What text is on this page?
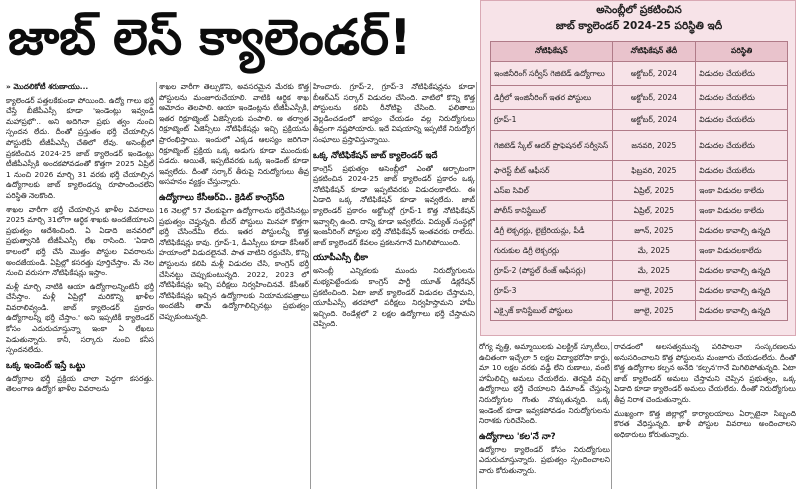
జాబ్ లెస్ క్యాలెండర్!

» మొదలికోటీ శరుణాయు...

క్యాలెండర్ పత్తలకేకుండా పోయింది. ఉద్యో గాలు భర్తీ చేస్తే బీజేపీఎస్సీ కూడా 'ఇండెంట్లు ఇవ్వండి మహాప్రభో'.. అని అదిగినా ప్రభు త్వం నుంచి స్పందన లేదు. దీంతో ప్రస్తుతం భర్తీ చేయాల్సిన పోస్టులేవీ టీజీపీఎస్సీ చేతిలో లేవు. అసెంబ్లీలో ప్రకటించిన 2024-25 జాబ్ క్యాలెండర్ ఇండెంట్లు టీజీపీఎస్సీకి అందకపోవడంతో కొత్తగా 2025 ఏప్రిల్ 1 నుంచి 2026 మార్చి 31 వరకు భర్తీ చేయాల్సిన ఉద్యోగాలకు జాబ్ క్యాలెండర్ను రూపొందించలేని పరిస్థితి నెలకొంది.

శాఖల వారీగా భర్తీ చేయాల్సిన ఖాళీల వివరాలు 2025 మార్చి 31లోగా ఆర్థిక శాఖకు అందజేయాలని ప్రభుత్వం ఆదేశించింది. ఏ ఏడాది జనవరిలో ప్రభుత్వానికి టీజీపీఎస్సీ లేఖ రాసింది. 'ఏడాది కాలంలో భర్తీ చేసే మొత్తం పోస్టుల వివరాలను అందజేయండి. ఏప్రిల్లో కసరత్తు పూర్తిచేస్తాం. మే నెల నుంచి వరుసగా నోటిఫికేషన్లు ఇస్తాం.

మళ్లీ మార్చి నాటికి ఆయా ఉద్యోగాలన్నింటినీ భర్తీ చేసేస్తాం. మళ్లీ ఏప్రిల్లో మరికొన్ని ఖాళీల వివరాలివ్వండి. జాబ్ క్యాలెండర్ ప్రకారం ఉద్యోగాలన్నీ భర్తీ చేస్తాం.' అని ఇప్పటికీ క్యాలెండర్ కోసం ఎదురుచూస్తున్నా ఇంకా ఏ లేఖలు పెడుతున్నారు. కానీ, సర్కారు నుంచి కనీస స్పందనలేదు.

ఒక్క ఇండెంట్ ఇస్తే ఒట్టు

ఉద్యోగాల భర్తీ ప్రక్రియ చాలా పెద్దగా కసరత్తు. తెలంగాణ ఉద్యోగ ఖాళీల వివరాలను

శాఖల వారీగా తెల్సుకొని, అవసరమైన మేరకు కొత్త పోస్టులను మంజూరుచేయాలి. వాటికి ఆర్థిక శాఖ ఆమోదం తెలపాలి. ఆయా ఇండెంట్లను టీజీపీఎస్సీకి, ఇతర రిక్రూట్మెంట్ ఏజెన్సీలకు పంపాలి. ఆ తర్వాత రిక్రూట్మెంట్ ఏజెన్సీలు నోటిఫికేషన్లు ఇచ్చి ప్రక్రియను ప్రారంభిస్తాయి. ఇందులో ఎక్కడ ఆలస్యం జరిగినా రిక్రూట్మెంట్ ప్రక్రియ ఒక్క అడుగు కూడా ముందుకు పడదు. అయితే, ఇప్పటివరకు ఒక్క ఇండెంట్ కూడా ఇవ్వలేదు. దీంతో సర్కార్ తీరుపై నిరుద్యోగులు తీవ్ర అసహనం వ్యక్తం చేస్తున్నారు.

ఉద్యోగాలు కేసీఆర్‌వి.. క్రెడిట్ కాంగ్రెస్‌ది

16 నెలల్లో 57 వేలకుపైగా ఉద్యోగాలను భర్తీచేసినట్లు ప్రభుత్వం చెప్తున్నది. టీచర్ పోస్టులు మినహా కొత్తగా భర్తీ చేసిందేమీ లేదు. ఇతర పోస్టులన్నీ కొత్త నోటిఫికేషన్లు కావు. గ్రూప్-1, డీఎస్సీలు కూడా కేసీఆర్ హయాంలో విడుదలైనవే. పాత వాటిని రద్దుచేసి, కొన్ని పోస్టులను కలిపి మళ్లీ విడుదల చేసి, కాంగ్రెస్ భర్తీ చేసినట్టు చెప్పుకుంటున్నది. 2022, 2023 లో నోటిఫికేషన్లు ఇచ్చి పరీక్షలు నిర్వహించినవే. కేసీఆర్ నోటిఫికేషన్లు ఇచ్చిన ఉద్యోగాలకు నియామకపత్రాలు అందజేసి తామే ఉద్యోగాలిచ్చినట్లు ప్రభుత్వం చెప్పుకుంటున్నది.

హించారు. గ్రూప్-2, గ్రూప్-3 నోటిఫికేషన్లను కూడా బీఆర్ఎస్ సర్కార్ విడుదల చేసింది. వాటిలో కొన్ని కొత్త పోస్టులను కలిపి రీనోటిఫై చేసింది. ఫలితాలు వెల్లడించడంలో జాప్యం చేయడం వల్ల నిరుద్యోగులు తీవ్రంగా నష్టపోయారు. ఇదే విషయాన్ని ఇప్పటికే నిరుద్యోగ సంఘాలు ప్రస్తావిస్తున్నాయి.

ఒక్క నోటిఫికేషన్ జాబ్ క్యాలెండర్ ఇదే

కాంగ్రెస్ ప్రభుత్వం అసెంబ్లీలో ఎంతో ఆర్భాటంగా ప్రకటించిన 2024-25 జాబ్ క్యాలెండర్ ప్రకారం ఒక్క నోటిఫికేషన్ కూడా ఇప్పటివరకు విడుదలకాలేదు. ఈ ఏడాది ఒక్క నోటిఫికేషన్ కూడా ఇవ్వలేదు. జాబ్ క్యాలెండర్ ప్రకారం అక్టోబర్లో గ్రూప్-1 కొత్త నోటిఫికేషన్ ఇవ్వాల్సి ఉంది. దాన్ని కూడా ఇవ్వలేదు. విద్యుత్ సంస్థల్లో ఇంజనీరింగ్ పోస్టుల భర్తీ నోటిఫికేషన్ ఇంతవరకు రాలేదు. జాబ్ క్యాలెండర్ కేవలం ప్రకటనగానే మిగిలిపోయింది.

యూపీఎస్సీ భీకా

అసెంబ్లీ ఎన్నికలకు ముందు నిరుద్యోగులను మభ్యపెట్టేందుకు కాంగ్రెస్ పార్టీ యూత్ డిక్లరేషన్ ప్రకటించింది. ఏటా జాబ్ క్యాలెండర్ విడుదల చేస్తామని, యూపీఎస్సీ తరహాలో పరీక్షలు నిర్వహిస్తామని హామీ ఇచ్చింది. రెండేళ్లలో 2 లక్షల ఉద్యోగాలు భర్తీ చేస్తామని చెప్పింది.

అసెంబ్లీలో ప్రకటించిన
జాబ్ క్యాలెండర్ 2024-25 పరిస్థితి ఇదీ
నోటిఫికేషన్	నోటిఫికేషన్ తేదీ	పరిస్థితి
ఇంజినీరింగ్ సర్వీస్ గెజిటెడ్ ఉద్యోగాలు	అక్టోబర్, 2024	విడుదల చేయలేదు
డిగ్రీలో ఇంజినీరింగ్ ఇతర పోస్టులు	అక్టోబర్, 2024	విడుదల చేయలేదు
గ్రూప్-1	అక్టోబర్, 2024	విడుదల చేయలేదు
గెజిటెడ్ స్కేల్ ఆదర్ ప్రొఫెషనల్ సర్వీసెస్	జనవరి, 2025	విడుదల చేయలేదు
ఫారెస్ట్ బీట్ ఆఫీసర్	ఫిబ్రవరి, 2025	విడుదల చేయలేదు
ఎస్ఐ సివిల్	ఏప్రిల్, 2025	ఇంకా విడుదల కాలేదు
పోలీస్ కానిస్టేబుల్	ఏప్రిల్, 2025	ఇంకా విడుదల కాలేదు
డిగ్రీ లెక్చరర్లు, లైబ్రేరియన్లు, పీడీ	జూన్, 2025	విడుదల కావాల్సి ఉన్నది
గురుకుల డిగ్రీ లెక్చరర్లు	మే, 2025	ఇంకా విడుదలకాలేదు
గ్రూప్-2 (పోస్టల్ రేంజ్ ఆఫీసర్లు)	మే, 2025	విడుదల కావాల్సి ఉన్నది
గ్రూప్-3	జూలై, 2025	విడుదల కావాల్సి ఉన్నది
ఎక్సైజ్ కానిస్టేబుల్ పోస్టులు	జూలై, 2025	విడుదల కావాల్సి ఉన్నది

రోగ్య వృత్తి, అమ్మాయిలకు ఎలక్ట్రిక్ స్కూటీలు, ఉచితంగా ఇచ్చేలా 5 లక్షల విద్యాభరోసా కార్డు, మా 10 లక్షల వరకు వడ్డీ లేని రుణాలు, వంటి హామీలిచ్చి అమలు చేయలేదు. తెరపైకి వచ్చి ఉద్యోగాలు భర్తీ చేయాలని డిమాండ్ చేస్తున్న నిరుద్యోగుల గొంతు నొక్కుతున్నది. ఒక్క ఇండెంట్ కూడా ఇవ్వకపోవడం నిరుద్యోగులను నిరాశకు గురిచేసింది.

ఉద్యోగాలు 'కల'నే నా?

ఉద్యోగాల క్యాలెండర్ కోసం నిరుద్యోగులు ఎదురుచూస్తున్నారు. ప్రభుత్వం స్పందించాలని వారు కోరుతున్నారు.

రావడంలో అలసత్వమున్న పరిపాలనా సంస్కరణలను అనుసరించాలని కొత్త పోస్టులను మంజూరు చేయడంలేదు. దీంతో కొత్త ఉద్యోగాల కల్పన అనేది 'కల్పన'గానే మిగిలిపోతున్నది. ఏటా జాబ్ క్యాలెండర్ అమలు చేస్తామని చెప్పిన ప్రభుత్వం, ఒక్క ఏడాది కూడా క్యాలెండర్ అమలు చేయలేదు. దీంతో నిరుద్యోగులు తీవ్ర నిరాశ చెందుతున్నారు.

ముఖ్యంగా కొత్త జిల్లాల్లో కార్యాలయాలు ఏర్పాటైనా సిబ్బంది కొరత వేధిస్తున్నది. ఖాళీ పోస్టుల వివరాలు అందించాలని అధికారులు కోరుతున్నారు.
